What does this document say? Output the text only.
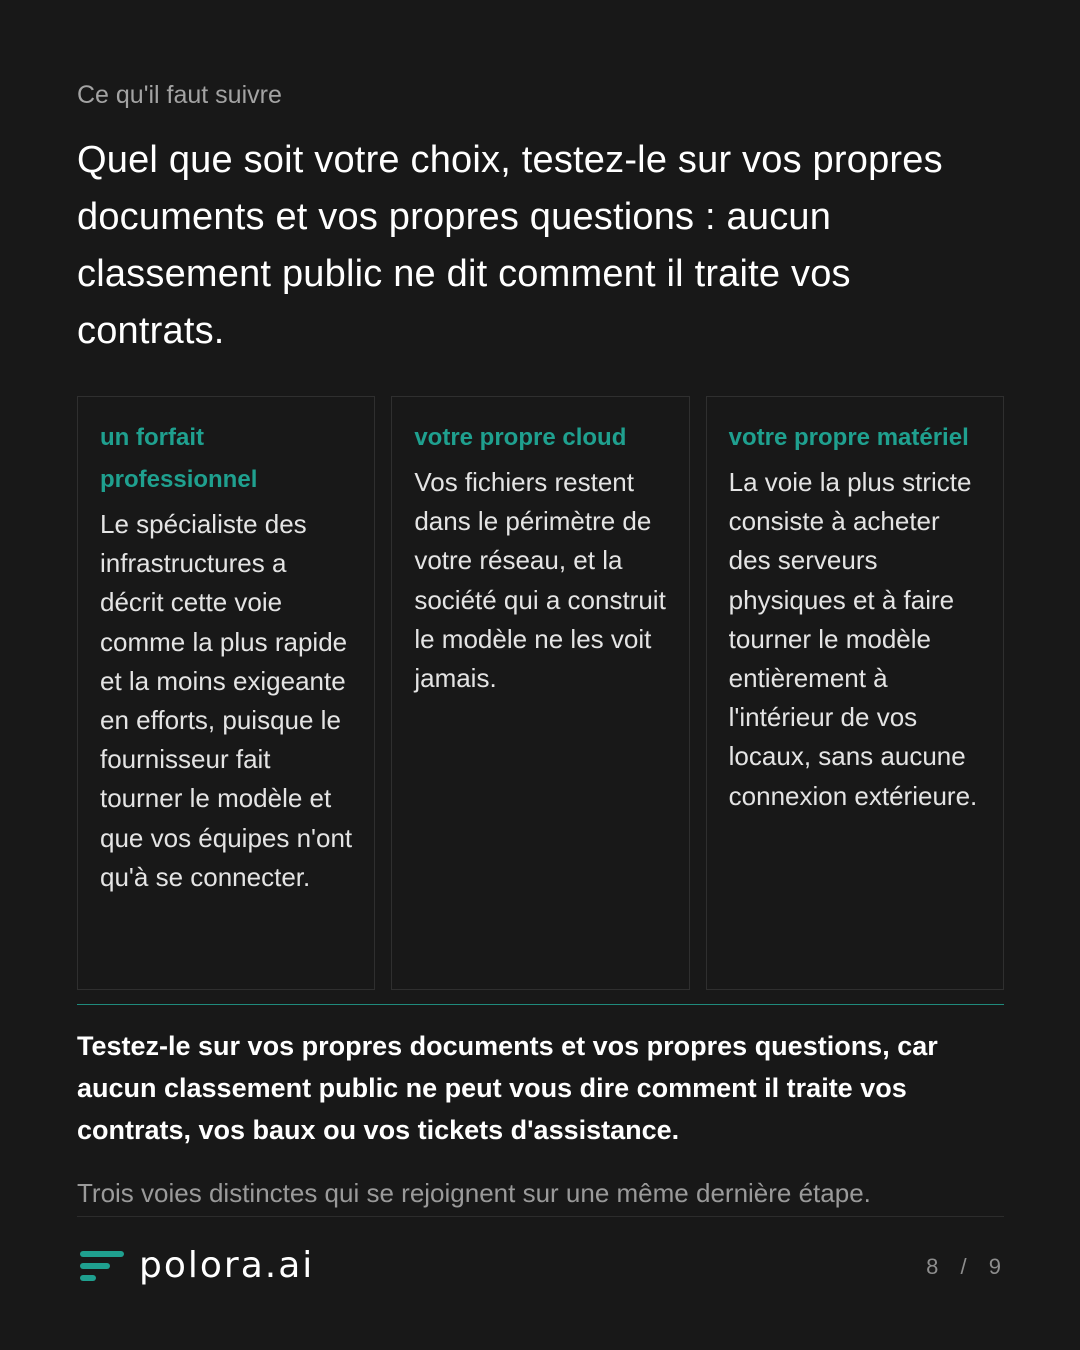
Ce qu'il faut suivre

Quel que soit votre choix, testez-le sur vos propres documents et vos propres questions : aucun classement public ne dit comment il traite vos contrats.
un forfait professionnel

Le spécialiste des infrastructures a décrit cette voie comme la plus rapide et la moins exigeante en efforts, puisque le fournisseur fait tourner le modèle et que vos équipes n'ont qu'à se connecter.

votre propre cloud

Vos fichiers restent dans le périmètre de votre réseau, et la société qui a construit le modèle ne les voit jamais.

votre propre matériel

La voie la plus stricte consiste à acheter des serveurs physiques et à faire tourner le modèle entièrement à l'intérieur de vos locaux, sans aucune connexion extérieure.

Testez-le sur vos propres documents et vos propres questions, car aucun classement public ne peut vous dire comment il traite vos contrats, vos baux ou vos tickets d'assistance.

Trois voies distinctes qui se rejoignent sur une même dernière étape.

polora.ai	8 / 9
